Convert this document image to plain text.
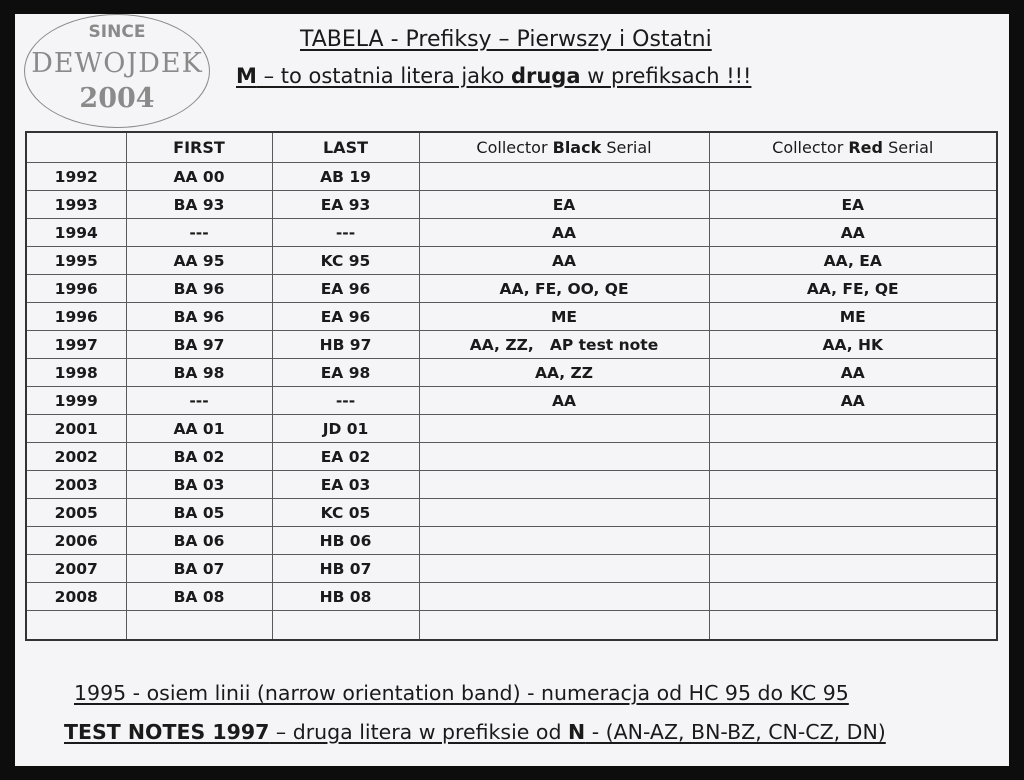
SINCE
DEWOJDEK
2004
TABELA - Prefiksy – Pierwszy i Ostatni
M – to ostatnia litera jako druga w prefiksach !!!
	FIRST	LAST	Collector Black Serial	Collector Red Serial
1992	AA 00	AB 19		
1993	BA 93	EA 93	EA	EA
1994	---	---	AA	AA
1995	AA 95	KC 95	AA	AA, EA
1996	BA 96	EA 96	AA, FE, OO, QE	AA, FE, QE
1996	BA 96	EA 96	ME	ME
1997	BA 97	HB 97	AA, ZZ,   AP test note	AA, HK
1998	BA 98	EA 98	AA, ZZ	AA
1999	---	---	AA	AA
2001	AA 01	JD 01		
2002	BA 02	EA 02		
2003	BA 03	EA 03		
2005	BA 05	KC 05		
2006	BA 06	HB 06		
2007	BA 07	HB 07		
2008	BA 08	HB 08		

1995 - osiem linii (narrow orientation band) - numeracja od HC 95 do KC 95
TEST NOTES 1997 – druga litera w prefiksie od N - (AN-AZ, BN-BZ, CN-CZ, DN)
